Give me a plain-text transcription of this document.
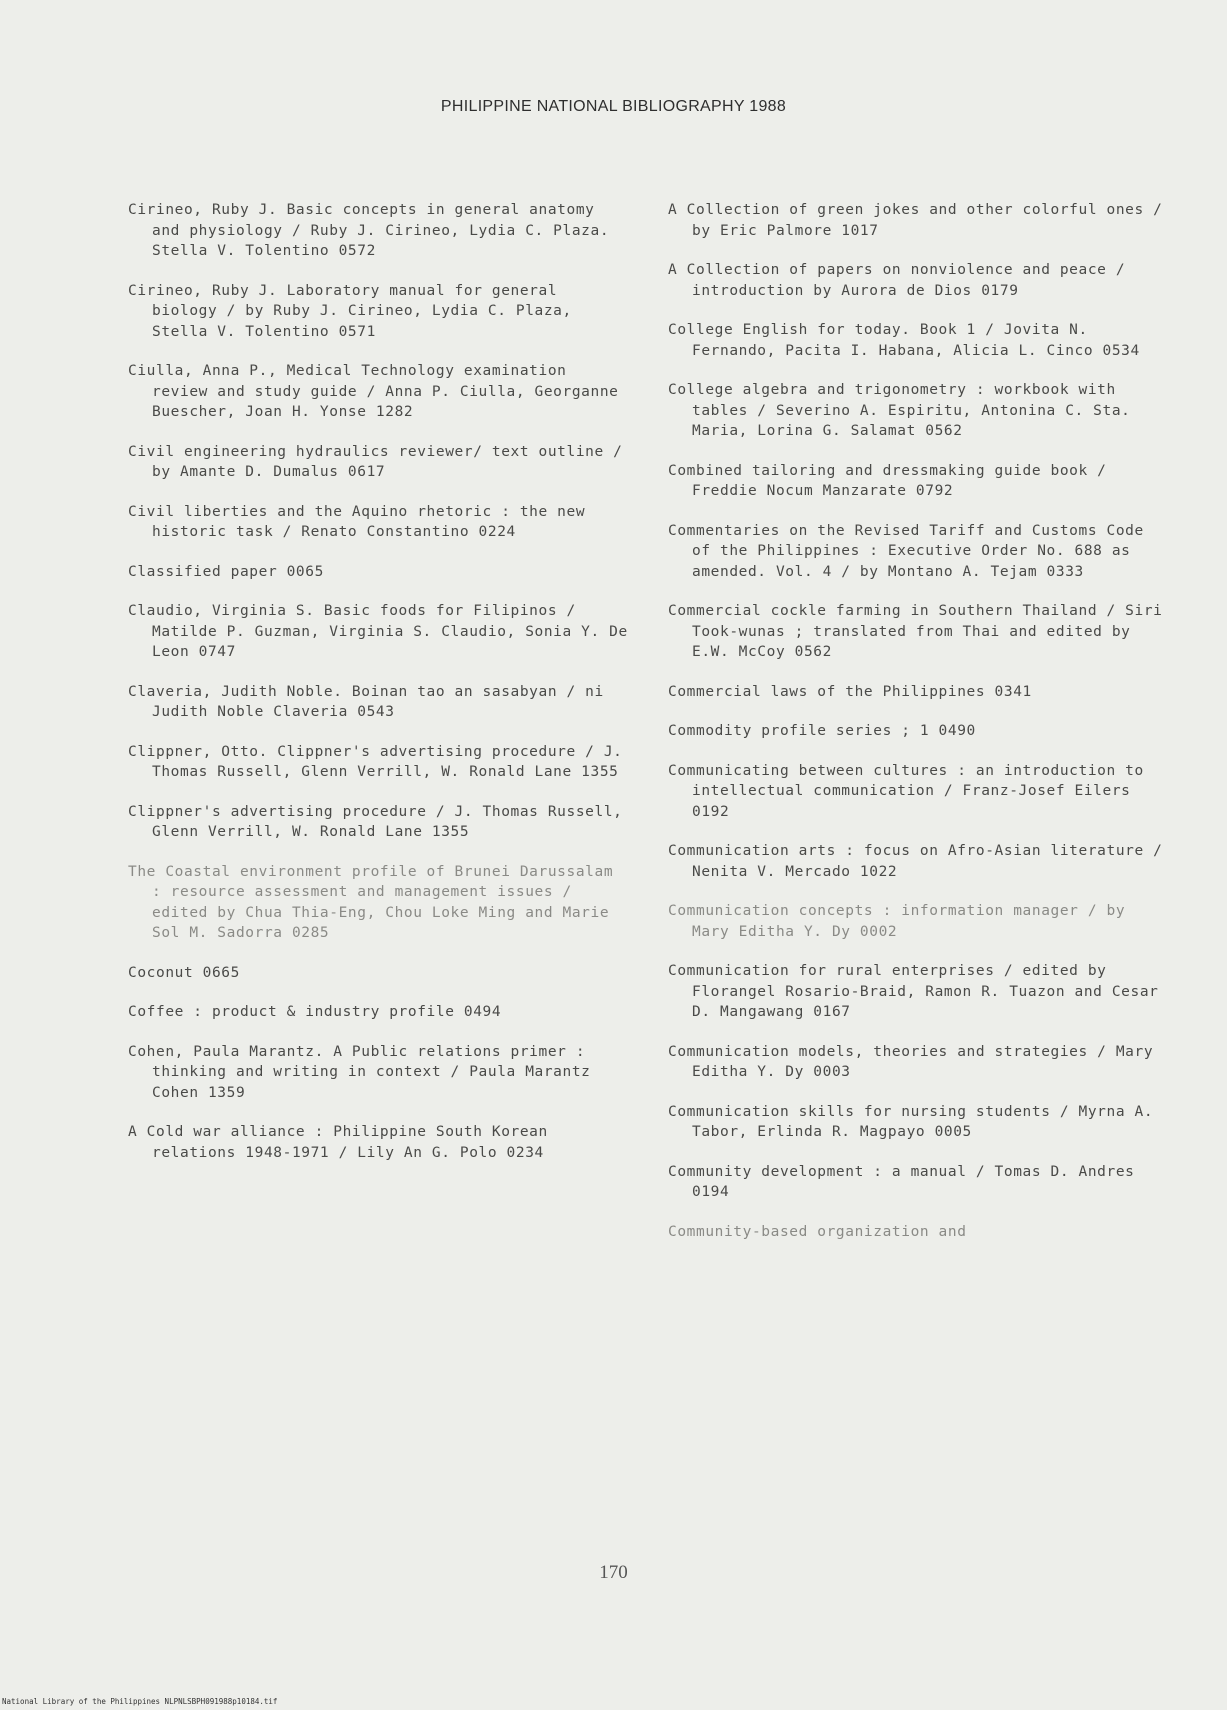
PHILIPPINE NATIONAL BIBLIOGRAPHY 1988

Cirineo, Ruby J. Basic concepts in general anatomy and physiology / Ruby J. Cirineo, Lydia C. Plaza. Stella V. Tolentino 0572

Cirineo, Ruby J. Laboratory manual for general biology / by Ruby J. Cirineo, Lydia C. Plaza, Stella V. Tolentino 0571

Ciulla, Anna P., Medical Technology examination review and study guide / Anna P. Ciulla, Georganne Buescher, Joan H. Yonse 1282

Civil engineering hydraulics reviewer/ text outline / by Amante D. Dumalus 0617

Civil liberties and the Aquino rhetoric : the new historic task / Renato Constantino 0224

Classified paper 0065

Claudio, Virginia S. Basic foods for Filipinos / Matilde P. Guzman, Virginia S. Claudio, Sonia Y. De Leon 0747

Claveria, Judith Noble. Boinan tao an sasabyan / ni Judith Noble Claveria 0543

Clippner, Otto. Clippner's advertising procedure / J. Thomas Russell, Glenn Verrill, W. Ronald Lane 1355

Clippner's advertising procedure / J. Thomas Russell, Glenn Verrill, W. Ronald Lane 1355

The Coastal environment profile of Brunei Darussalam : resource assessment and management issues / edited by Chua Thia-Eng, Chou Loke Ming and Marie Sol M. Sadorra 0285

Coconut 0665

Coffee : product & industry profile 0494

Cohen, Paula Marantz. A Public relations primer : thinking and writing in context / Paula Marantz Cohen 1359

A Cold war alliance : Philippine South Korean relations 1948-1971 / Lily An G. Polo 0234

A Collection of green jokes and other colorful ones / by Eric Palmore 1017

A Collection of papers on nonviolence and peace / introduction by Aurora de Dios 0179

College English for today. Book 1 / Jovita N. Fernando, Pacita I. Habana, Alicia L. Cinco 0534

College algebra and trigonometry : workbook with tables / Severino A. Espiritu, Antonina C. Sta. Maria, Lorina G. Salamat 0562

Combined tailoring and dressmaking guide book / Freddie Nocum Manzarate 0792

Commentaries on the Revised Tariff and Customs Code of the Philippines : Executive Order No. 688 as amended. Vol. 4 / by Montano A. Tejam 0333

Commercial cockle farming in Southern Thailand / Siri Took-wunas ; translated from Thai and edited by E.W. McCoy 0562

Commercial laws of the Philippines 0341

Commodity profile series ; 1 0490

Communicating between cultures : an introduction to intellectual communication / Franz-Josef Eilers 0192

Communication arts : focus on Afro-Asian literature / Nenita V. Mercado 1022

Communication concepts : information manager / by Mary Editha Y. Dy 0002

Communication for rural enterprises / edited by Florangel Rosario-Braid, Ramon R. Tuazon and Cesar D. Mangawang 0167

Communication models, theories and strategies / Mary Editha Y. Dy 0003

Communication skills for nursing students / Myrna A. Tabor, Erlinda R. Magpayo 0005

Community development : a manual / Tomas D. Andres 0194

Community-based organization and

170
National Library of the Philippines NLPNLSBPH091988p10184.tif
